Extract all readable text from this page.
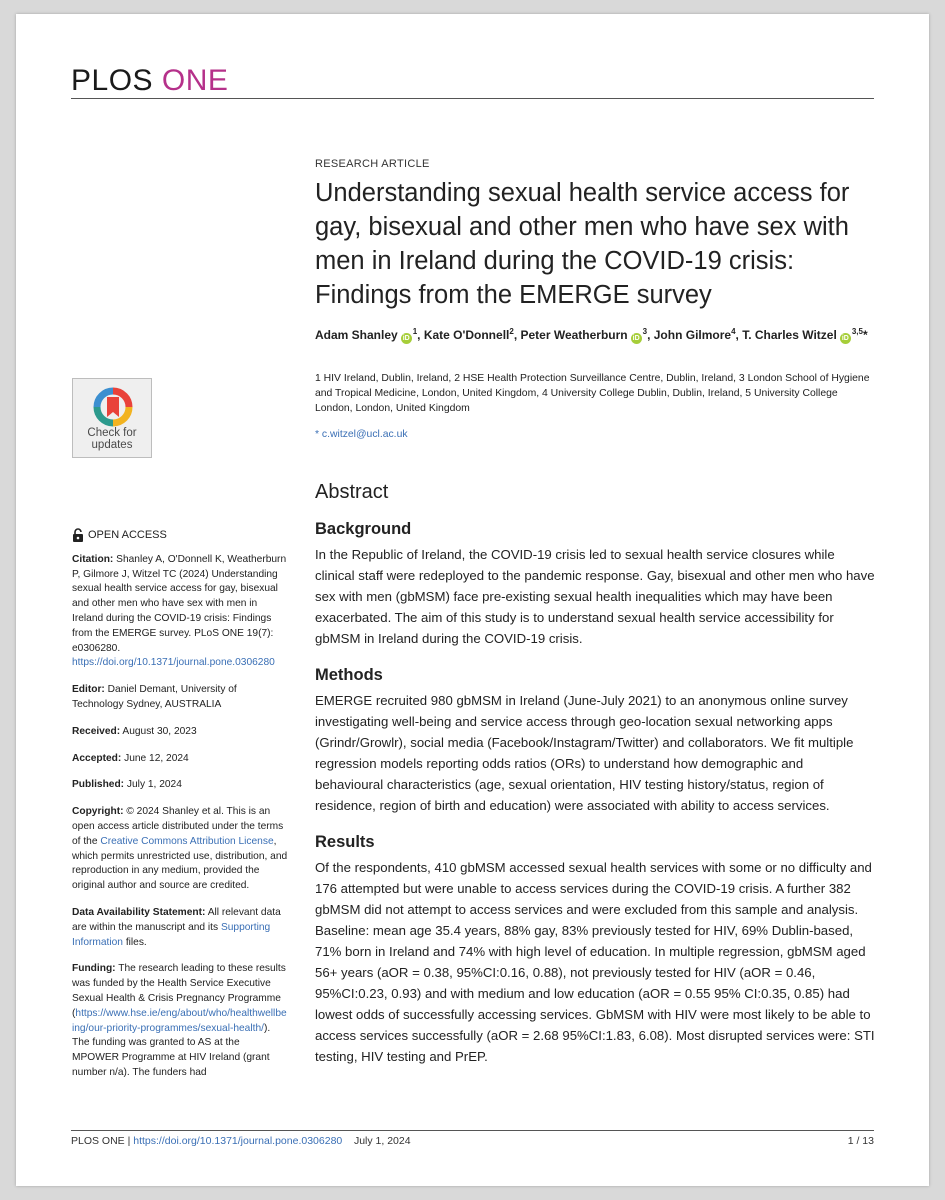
PLOS ONE
Check for
updates
OPEN ACCESS
Citation: Shanley A, O'Donnell K, Weatherburn P, Gilmore J, Witzel TC (2024) Understanding sexual health service access for gay, bisexual and other men who have sex with men in Ireland during the COVID-19 crisis: Findings from the EMERGE survey. PLoS ONE 19(7): e0306280. https://doi.org/10.1371/journal.pone.0306280
Editor: Daniel Demant, University of Technology Sydney, AUSTRALIA
Received: August 30, 2023
Accepted: June 12, 2024
Published: July 1, 2024
Copyright: © 2024 Shanley et al. This is an open access article distributed under the terms of the Creative Commons Attribution License, which permits unrestricted use, distribution, and reproduction in any medium, provided the original author and source are credited.
Data Availability Statement: All relevant data are within the manuscript and its Supporting Information files.
Funding: The research leading to these results was funded by the Health Service Executive Sexual Health & Crisis Pregnancy Programme (https://www.hse.ie/eng/about/who/healthwellbeing/our-priority-programmes/sexual-health/). The funding was granted to AS at the MPOWER Programme at HIV Ireland (grant number n/a). The funders had
RESEARCH ARTICLE
Understanding sexual health service access for gay, bisexual and other men who have sex with men in Ireland during the COVID-19 crisis: Findings from the EMERGE survey
Adam Shanley $iD^1$, Kate O'Donnell$^2$, Peter Weatherburn $iD^3$, John Gilmore$^4$, T. Charles Witzel iD$^{3,5}$*
1 HIV Ireland, Dublin, Ireland, 2 HSE Health Protection Surveillance Centre, Dublin, Ireland, 3 London School of Hygiene and Tropical Medicine, London, United Kingdom, 4 University College Dublin, Dublin, Ireland, 5 University College London, London, United Kingdom
* c.witzel@ucl.ac.uk
Abstract
Background
In the Republic of Ireland, the COVID-19 crisis led to sexual health service closures while clinical staff were redeployed to the pandemic response. Gay, bisexual and other men who have sex with men (gbMSM) face pre-existing sexual health inequalities which may have been exacerbated. The aim of this study is to understand sexual health service accessibility for gbMSM in Ireland during the COVID-19 crisis.
Methods
EMERGE recruited 980 gbMSM in Ireland (June-July 2021) to an anonymous online survey investigating well-being and service access through geo-location sexual networking apps (Grindr/Growlr), social media (Facebook/Instagram/Twitter) and collaborators. We fit multiple regression models reporting odds ratios (ORs) to understand how demographic and behavioural characteristics (age, sexual orientation, HIV testing history/status, region of residence, region of birth and education) were associated with ability to access services.
Results
Of the respondents, 410 gbMSM accessed sexual health services with some or no difficulty and 176 attempted but were unable to access services during the COVID-19 crisis. A further 382 gbMSM did not attempt to access services and were excluded from this sample and analysis. Baseline: mean age 35.4 years, 88% gay, 83% previously tested for HIV, 69% Dublin-based, 71% born in Ireland and 74% with high level of education. In multiple regression, gbMSM aged 56+ years (aOR = 0.38, 95%CI:0.16, 0.88), not previously tested for HIV (aOR = 0.46, 95%CI:0.23, 0.93) and with medium and low education (aOR = 0.55 95% CI:0.35, 0.85) had lowest odds of successfully accessing services. GbMSM with HIV were most likely to be able to access services successfully (aOR = 2.68 95%CI:1.83, 6.08). Most disrupted services were: STI testing, HIV testing and PrEP.
PLOS ONE | https://doi.org/10.1371/journal.pone.0306280 July 1, 2024	1 / 13
